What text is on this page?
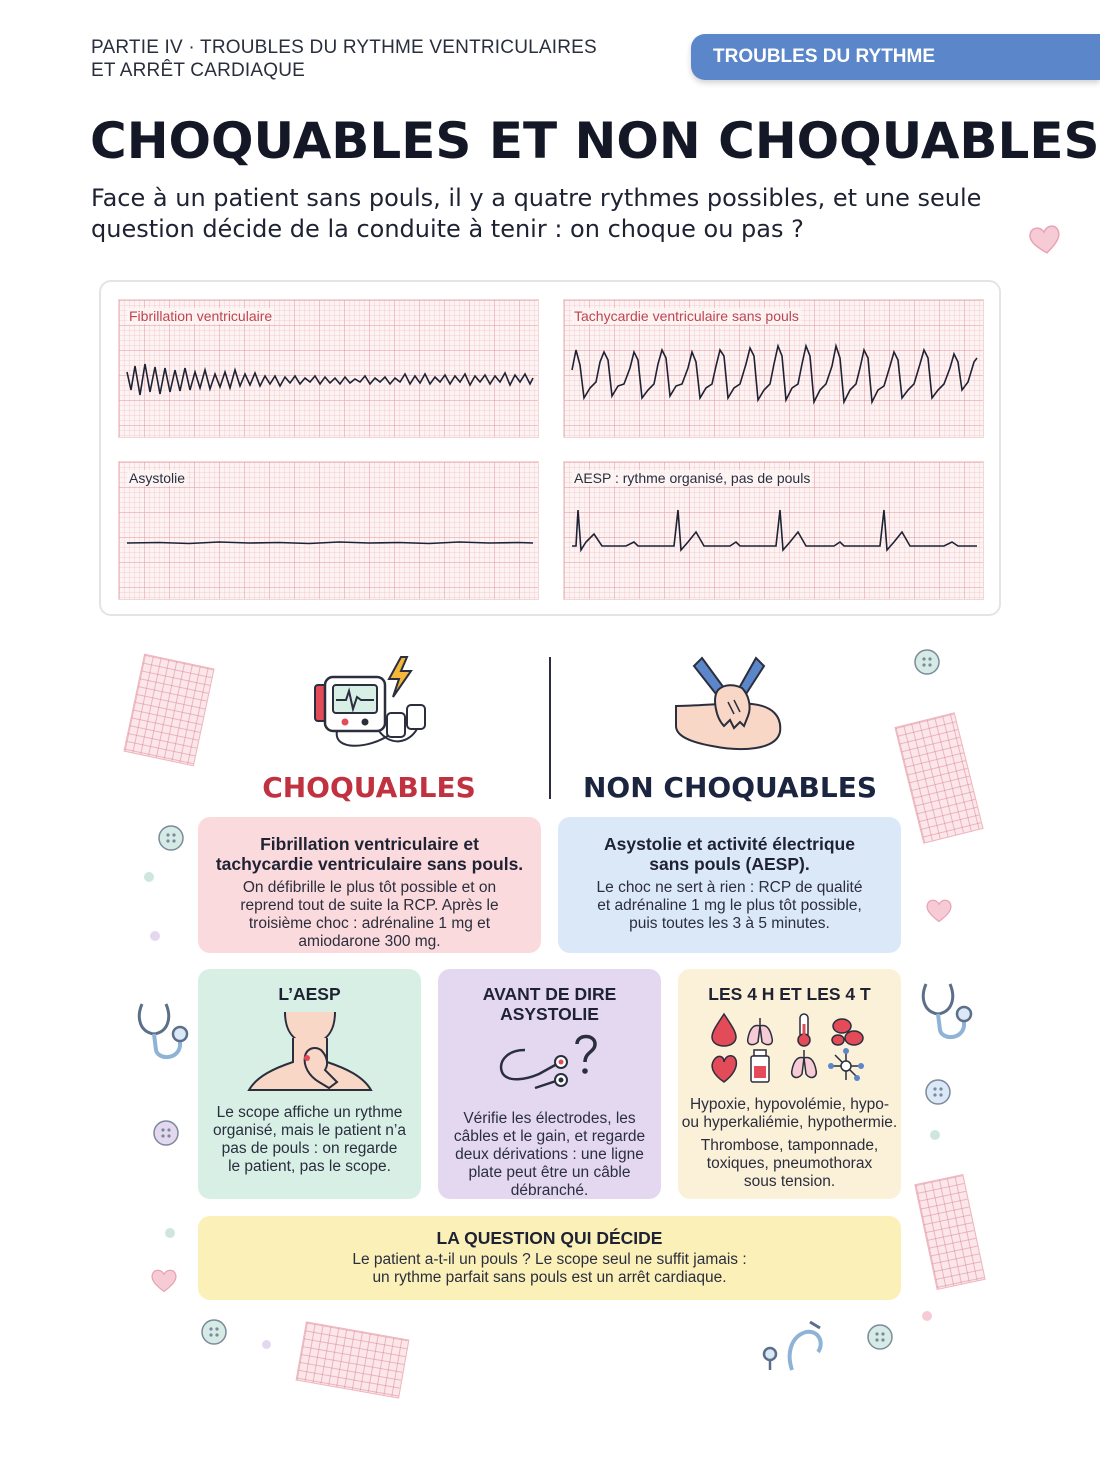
PARTIE IV · TROUBLES DU RYTHME VENTRICULAIRES
ET ARRÊT CARDIAQUE
TROUBLES DU RYTHME VENTRICULAIRES
CHOQUABLES ET NON CHOQUABLES

Face à un patient sans pouls, il y a quatre rythmes possibles, et une seule question décide de la conduite à tenir : on choque ou pas ?

Fibrillation ventriculaire	Tachycardie ventriculaire sans pouls
Asystolie	AESP : rythme organisé, pas de pouls
CHOQUABLES	NON CHOQUABLES
Fibrillation ventriculaire et
tachycardie ventriculaire sans pouls.

On défibrille le plus tôt possible et on
reprend tout de suite la RCP. Après le
troisième choc : adrénaline 1 mg et
amiodarone 300 mg.

Asystolie et activité électrique
sans pouls (AESP).

Le choc ne sert à rien : RCP de qualité
et adrénaline 1 mg le plus tôt possible,
puis toutes les 3 à 5 minutes.

L’AESP

Le scope affiche un rythme
organisé, mais le patient n’a
pas de pouls : on regarde
le patient, pas le scope.

AVANT DE DIRE
ASYSTOLIE

Vérifie les électrodes, les
câbles et le gain, et regarde
deux dérivations : une ligne
plate peut être un câble
débranché.

LES 4 H ET LES 4 T

Hypoxie, hypovolémie, hypo-
ou hyperkaliémie, hypothermie.

Thrombose, tamponnade,
toxiques, pneumothorax
sous tension.

LA QUESTION QUI DÉCIDE

Le patient a-t-il un pouls ? Le scope seul ne suffit jamais :
un rythme parfait sans pouls est un arrêt cardiaque.
